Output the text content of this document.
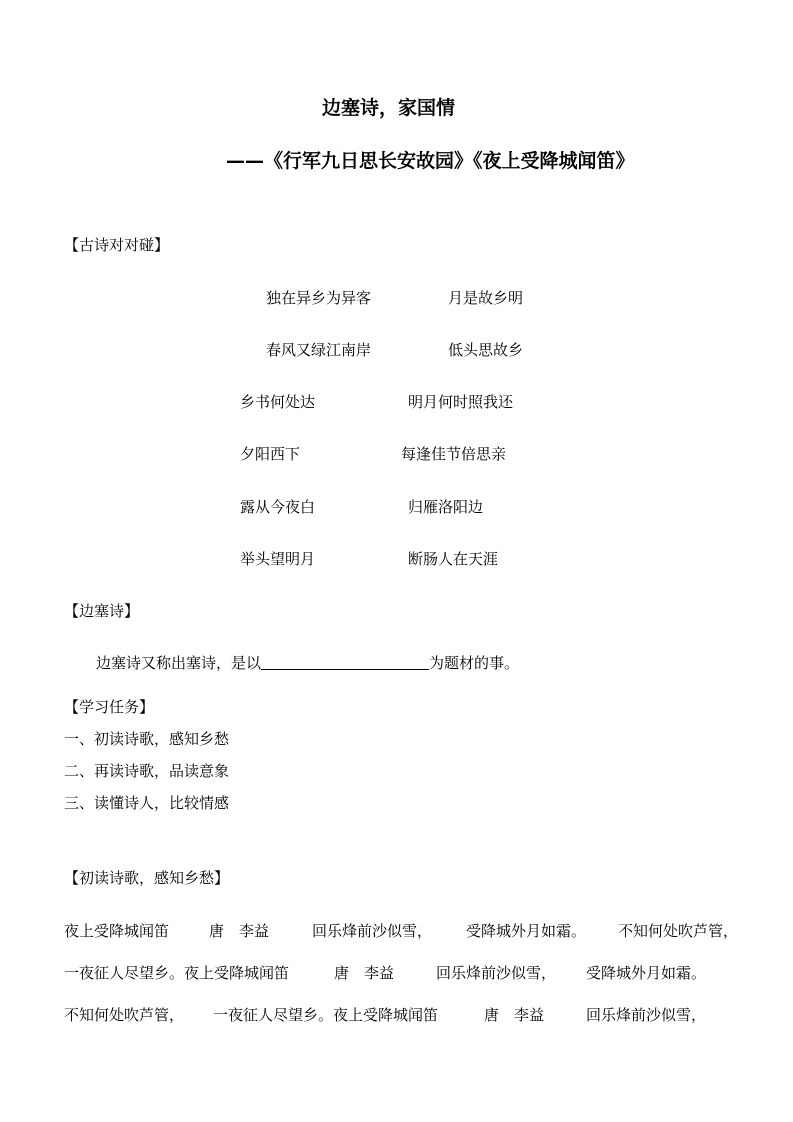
边塞诗，家国情
——《行军九日思长安故园》《夜上受降城闻笛》
【古诗对对碰】
独在异乡为异客	月是故乡明
春风又绿江南岸	低头思故乡
乡书何处达	明月何时照我还
夕阳西下	每逢佳节倍思亲
露从今夜白	归雁洛阳边
举头望明月	断肠人在天涯
【边塞诗】
边塞诗又称出塞诗，是以	为题材的事。
【学习任务】
一、初读诗歌，感知乡愁
二、再读诗歌，品读意象
三、读懂诗人，比较情感
【初读诗歌，感知乡愁】
夜上受降城闻笛	唐　李益	回乐烽前沙似雪， 受降城外月如霜。 不知何处吹芦管，
一夜征人尽望乡。夜上受降城闻笛	唐　李益	回乐烽前沙似雪， 受降城外月如霜。
不知何处吹芦管， 一夜征人尽望乡。夜上受降城闻笛	唐　李益	回乐烽前沙似雪，
